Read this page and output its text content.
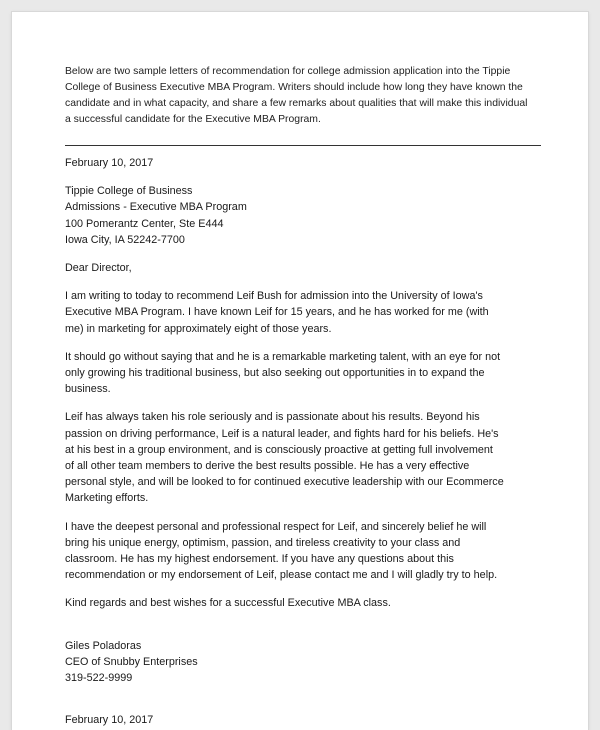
Below are two sample letters of recommendation for college admission application into the Tippie
College of Business Executive MBA Program. Writers should include how long they have known the
candidate and in what capacity, and share a few remarks about qualities that will make this individual
a successful candidate for the Executive MBA Program.

February 10, 2017

Tippie College of Business
Admissions - Executive MBA Program
100 Pomerantz Center, Ste E444
Iowa City, IA 52242-7700

Dear Director,

I am writing to today to recommend Leif Bush for admission into the University of Iowa's
Executive MBA Program. I have known Leif for 15 years, and he has worked for me (with
me) in marketing for approximately eight of those years.

It should go without saying that and he is a remarkable marketing talent, with an eye for not
only growing his traditional business, but also seeking out opportunities in to expand the
business.

Leif has always taken his role seriously and is passionate about his results. Beyond his
passion on driving performance, Leif is a natural leader, and fights hard for his beliefs. He's
at his best in a group environment, and is consciously proactive at getting full involvement
of all other team members to derive the best results possible. He has a very effective
personal style, and will be looked to for continued executive leadership with our Ecommerce
Marketing efforts.

I have the deepest personal and professional respect for Leif, and sincerely belief he will
bring his unique energy, optimism, passion, and tireless creativity to your class and
classroom. He has my highest endorsement. If you have any questions about this
recommendation or my endorsement of Leif, please contact me and I will gladly try to help.

Kind regards and best wishes for a successful Executive MBA class.

Giles Poladoras
CEO of Snubby Enterprises
319-522-9999

February 10, 2017
